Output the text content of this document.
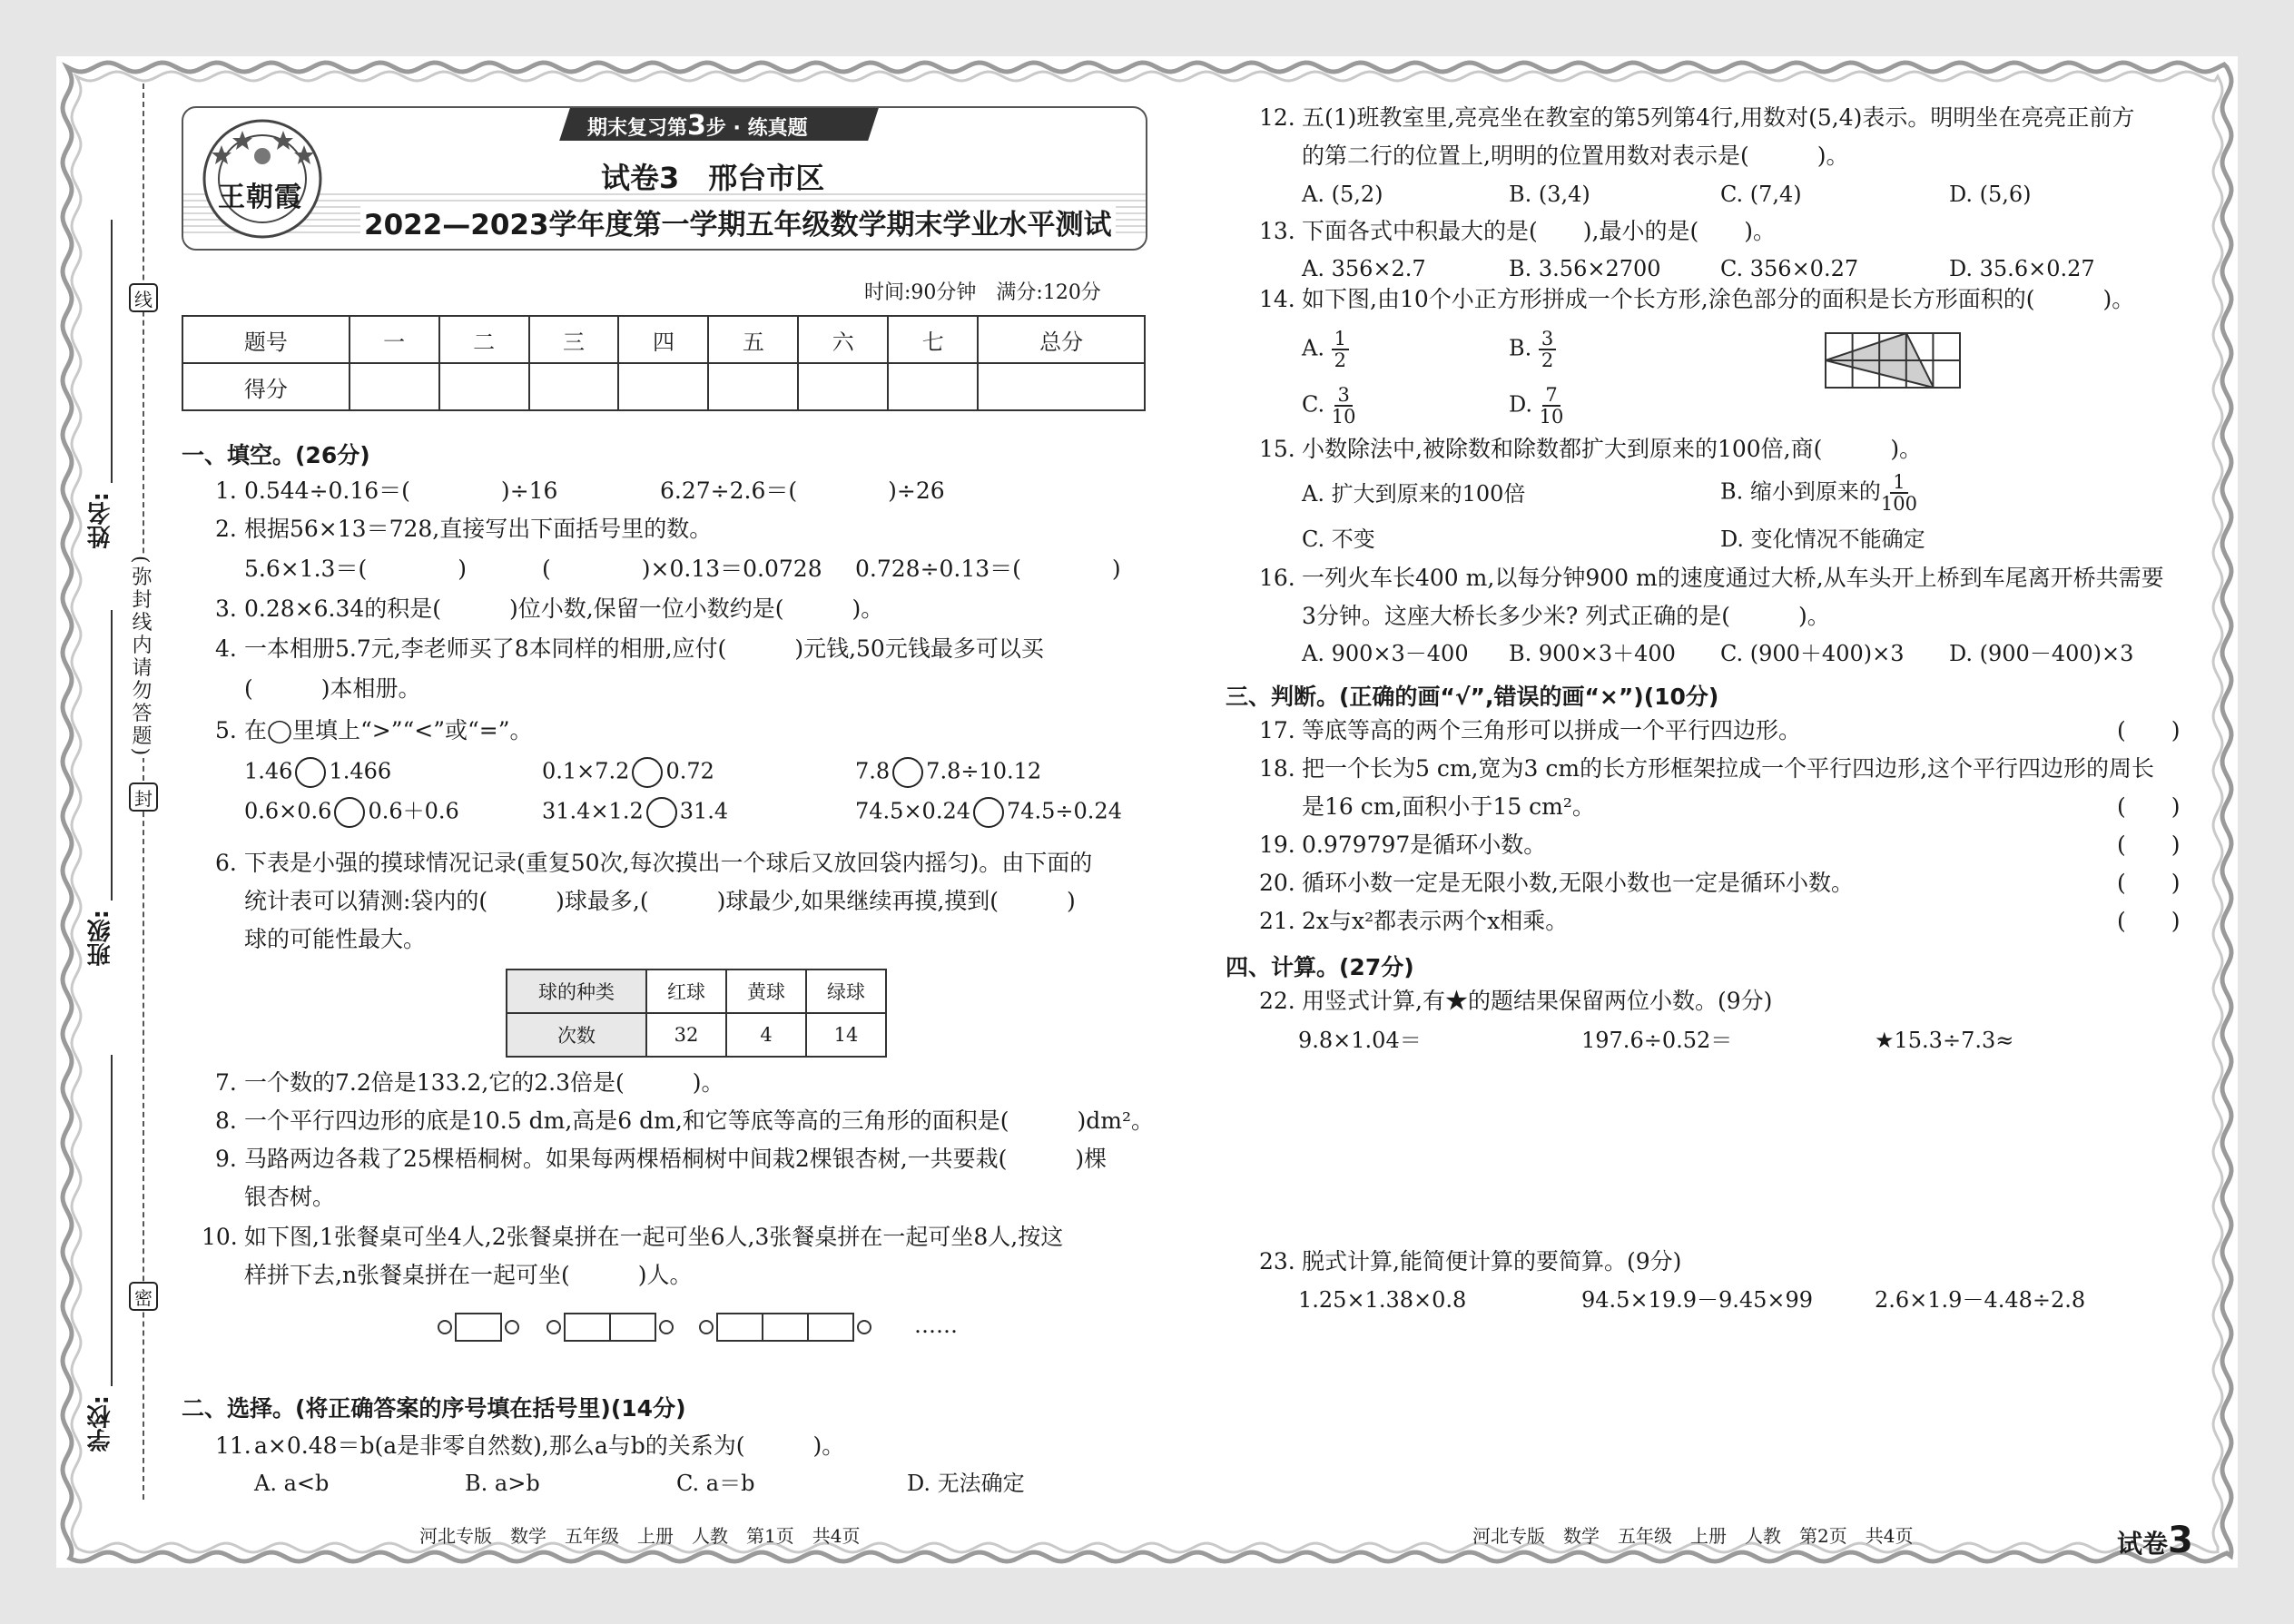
线
封
密
(弥封线内请勿答题)
姓名:
班级:
学校:
期末复习第3步 · 练真题
试卷3　邢台市区
2022—2023学年度第一学期五年级数学期末学业水平测试
王朝霞
时间:90分钟　满分:120分
题号	一	二	三	四	五	六	七	总分
得分								
一、填空。(26分)
1. 0.544÷0.16＝(　　　　)÷16	6.27÷2.6＝(　　　　)÷26
2. 根据56×13＝728,直接写出下面括号里的数。
5.6×1.3＝(　　　　)	(　　　　)×0.13＝0.0728 0.728÷0.13＝(　　　　)
3. 0.28×6.34的积是(　　　)位小数,保留一位小数约是(　　　)。
4. 一本相册5.7元,李老师买了8本同样的相册,应付(　　　)元钱,50元钱最多可以买
(　　　)本相册。
5. 在◯里填上“>”“<”或“=”。
1.46 1.466	0.1×7.2 0.72	7.8 7.8÷10.12
0.6×0.6 0.6＋0.6	31.4×1.2 31.4	74.5×0.24 74.5÷0.24
6. 下表是小强的摸球情况记录(重复50次,每次摸出一个球后又放回袋内摇匀)。由下面的
统计表可以猜测:袋内的(　　　)球最多,(　　　)球最少,如果继续再摸,摸到(　　　)
球的可能性最大。
球的种类	红球	黄球	绿球
次数	32	4	14
7. 一个数的7.2倍是133.2,它的2.3倍是(　　　)。
8. 一个平行四边形的底是10.5 dm,高是6 dm,和它等底等高的三角形的面积是(　　　)dm²。
9. 马路两边各栽了25棵梧桐树。如果每两棵梧桐树中间栽2棵银杏树,一共要栽(　　　)棵
银杏树。
10. 如下图,1张餐桌可坐4人,2张餐桌拼在一起可坐6人,3张餐桌拼在一起可坐8人,按这
样拼下去,n张餐桌拼在一起可坐(　　　)人。
……
二、选择。(将正确答案的序号填在括号里)(14分)
11. a×0.48＝b(a是非零自然数),那么a与b的关系为(　　　)。
A. a<b	B. a>b	C. a＝b	D. 无法确定
河北专版　数学　五年级　上册　人教　第1页　共4页
12. 五(1)班教室里,亮亮坐在教室的第5列第4行,用数对(5,4)表示。明明坐在亮亮正前方
的第二行的位置上,明明的位置用数对表示是(　　　)。
A. (5,2)	B. (3,4)	C. (7,4)	D. (5,6)
13. 下面各式中积最大的是(　　),最小的是(　　)。
A. 356×2.7	B. 3.56×2700	C. 356×0.27	D. 35.6×0.27
14. 如下图,由10个小正方形拼成一个长方形,涂色部分的面积是长方形面积的(　　　)。
A. $\frac{1}{2}$	B. $\frac{3}{2}$
C. $\frac{3}{10}$	D. $\frac{7}{10}$
15. 小数除法中,被除数和除数都扩大到原来的100倍,商(　　　)。
A. 扩大到原来的100倍	B. 缩小到原来的 $\frac{1}{100}$
C. 不变	D. 变化情况不能确定
16. 一列火车长400 m,以每分钟900 m的速度通过大桥,从车头开上桥到车尾离开桥共需要
3分钟。这座大桥长多少米? 列式正确的是(　　　)。
A. 900×3－400 B. 900×3＋400 C. (900＋400)×3 D. (900－400)×3
三、判断。(正确的画“√”,错误的画“×”)(10分)
17. 等底等高的两个三角形可以拼成一个平行四边形。	(　　)
18. 把一个长为5 cm,宽为3 cm的长方形框架拉成一个平行四边形,这个平行四边形的周长
是16 cm,面积小于15 cm²。	(　　)
19. 0.979797是循环小数。	(　　)
20. 循环小数一定是无限小数,无限小数也一定是循环小数。	(　　)
21. 2x与x²都表示两个x相乘。	(　　)
四、计算。(27分)
22. 用竖式计算,有★的题结果保留两位小数。(9分)
9.8×1.04＝	197.6÷0.52＝	★15.3÷7.3≈
23. 脱式计算,能简便计算的要简算。(9分)
1.25×1.38×0.8	94.5×19.9－9.45×99	2.6×1.9－4.48÷2.8
河北专版　数学　五年级　上册　人教　第2页　共4页	试卷3
